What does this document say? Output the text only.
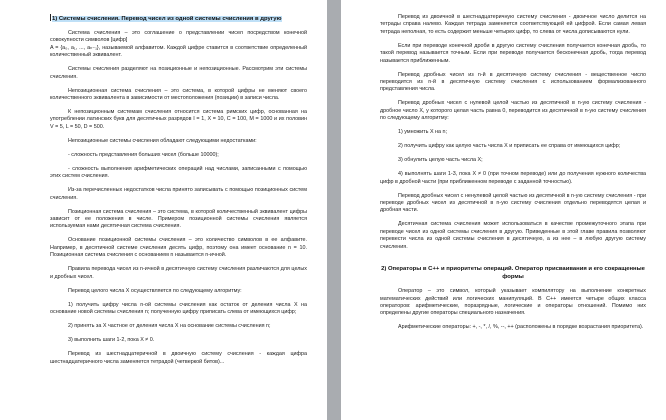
1) Системы счисления. Перевод чисел из одной системы счисления в другую
Система счисления – это соглашение о представлении чисел посредством конечной совокупности символов [цифр]
A = {a₀, a₁, ..., aₙ₋₁}, называемой алфавитом. Каждой цифре ставится в соответствие определенный количественный эквивалент.
Системы счисления разделяют на позиционные и непозиционные. Рассмотрим эти системы счисления.
Непозиционная система счисления – это система, в которой цифры не меняют своего количественного эквивалента в зависимости от местоположения (позиции) в записи числа.
К непозиционным системам счисления относится система римских цифр, основанная на употреблении латинских букв для десятичных разрядов I = 1, X = 10, C = 100, M = 1000 и их половин V = 5, L = 50, D = 500.
Непозиционные системы счисления обладают следующими недостатками:
- сложность представления больших чисел (больше 10000);
- сложность выполнения арифметических операций над числами, записанными с помощью этих систем счисления.
Из-за перечисленных недостатков числа принято записывать с помощью позиционных систем счисления.
Позиционная система счисления – это система, в которой количественный эквивалент цифры зависит от ее положения в числе. Примером позиционной системы счисления является используемая нами десятичная система счисления.
Основание позиционной системы счисления – это количество символов в ее алфавите. Например, в десятичной системе счисления десять цифр, поэтому она имеет основание n = 10. Позиционная система счисления с основанием n называется n-ичной.
Правила перевода чисел из n-ичной в десятичную систему счисления различаются для целых и дробных чисел.
Перевод целого числа X осуществляется по следующему алгоритму:
1) получить цифру числа n-ой системы счисления как остаток от деления числа X на основание новой системы счисления n; полученную цифру приписать слева от имеющихся цифр;
2) принять за X частное от деления числа X на основание системы счисления n;
3) выполнить шаги 1-2, пока X ≠ 0.
Перевод из шестнадцатеричной в двоичную систему счисления - каждая цифра шестнадцатеричного числа заменяется тетрадой (четверкой битов)...
Перевод из двоичной в шестнадцатеричную систему счисления - двоичное число делится на тетрады справа налево. Каждая тетрада заменяется соответствующей ей цифрой. Если самая левая тетрада неполная, то есть содержит меньше четырех цифр, то слева от числа дописываются нули.
Если при переводе конечной дроби в другую систему счисления получается конечная дробь, то такой перевод называется точным. Если при переводе получается бесконечная дробь, тогда перевод называется приближенным.
Перевод дробных чисел из n-й в десятичную систему счисления - вещественное число переводится из n-й в десятичную систему счисления с использованием формализованного представления числа.
Перевод дробных чисел с нулевой целой частью из десятичной в n-ую систему счисления - дробное число X, у которого целая часть равна 0, переводится из десятичной в n-ую систему счисления по следующему алгоритму:
1) умножить X на n;
2) получить цифру как целую часть числа X и приписать ее справа от имеющихся цифр;
3) обнулить целую часть числа X;
4) выполнять шаги 1-3, пока X ≠ 0 (при точном переводе) или до получения нужного количества цифр в дробной части (при приближенном переводе с заданной точностью).
Перевод дробных чисел с ненулевой целой частью из десятичной в n-ую систему счисления - при переводе дробных чисел из десятичной в n-ую систему счисления отдельно переводятся целая и дробная части.
Десятичная система счисления может использоваться в качестве промежуточного этапа при переводе чисел из одной системы счисления в другую. Приведенные в этой главе правила позволяют перевести числа из одной системы счисления в десятичную, а из нее – в любую другую систему счисления.
2) Операторы в C++ и приоритеты операций. Оператор присваивания и его сокращенные формы
Оператор – это символ, который указывает компилятору на выполнение конкретных математических действий или логических манипуляций. В C++ имеется четыре общих класса операторов: арифметические, поразрядные, логические и операторы отношений. Помимо них определены другие операторы специального назначения.
Арифметические операторы: +, -, *, /, %, --, ++ (расположены в порядке возрастания приоритета).
